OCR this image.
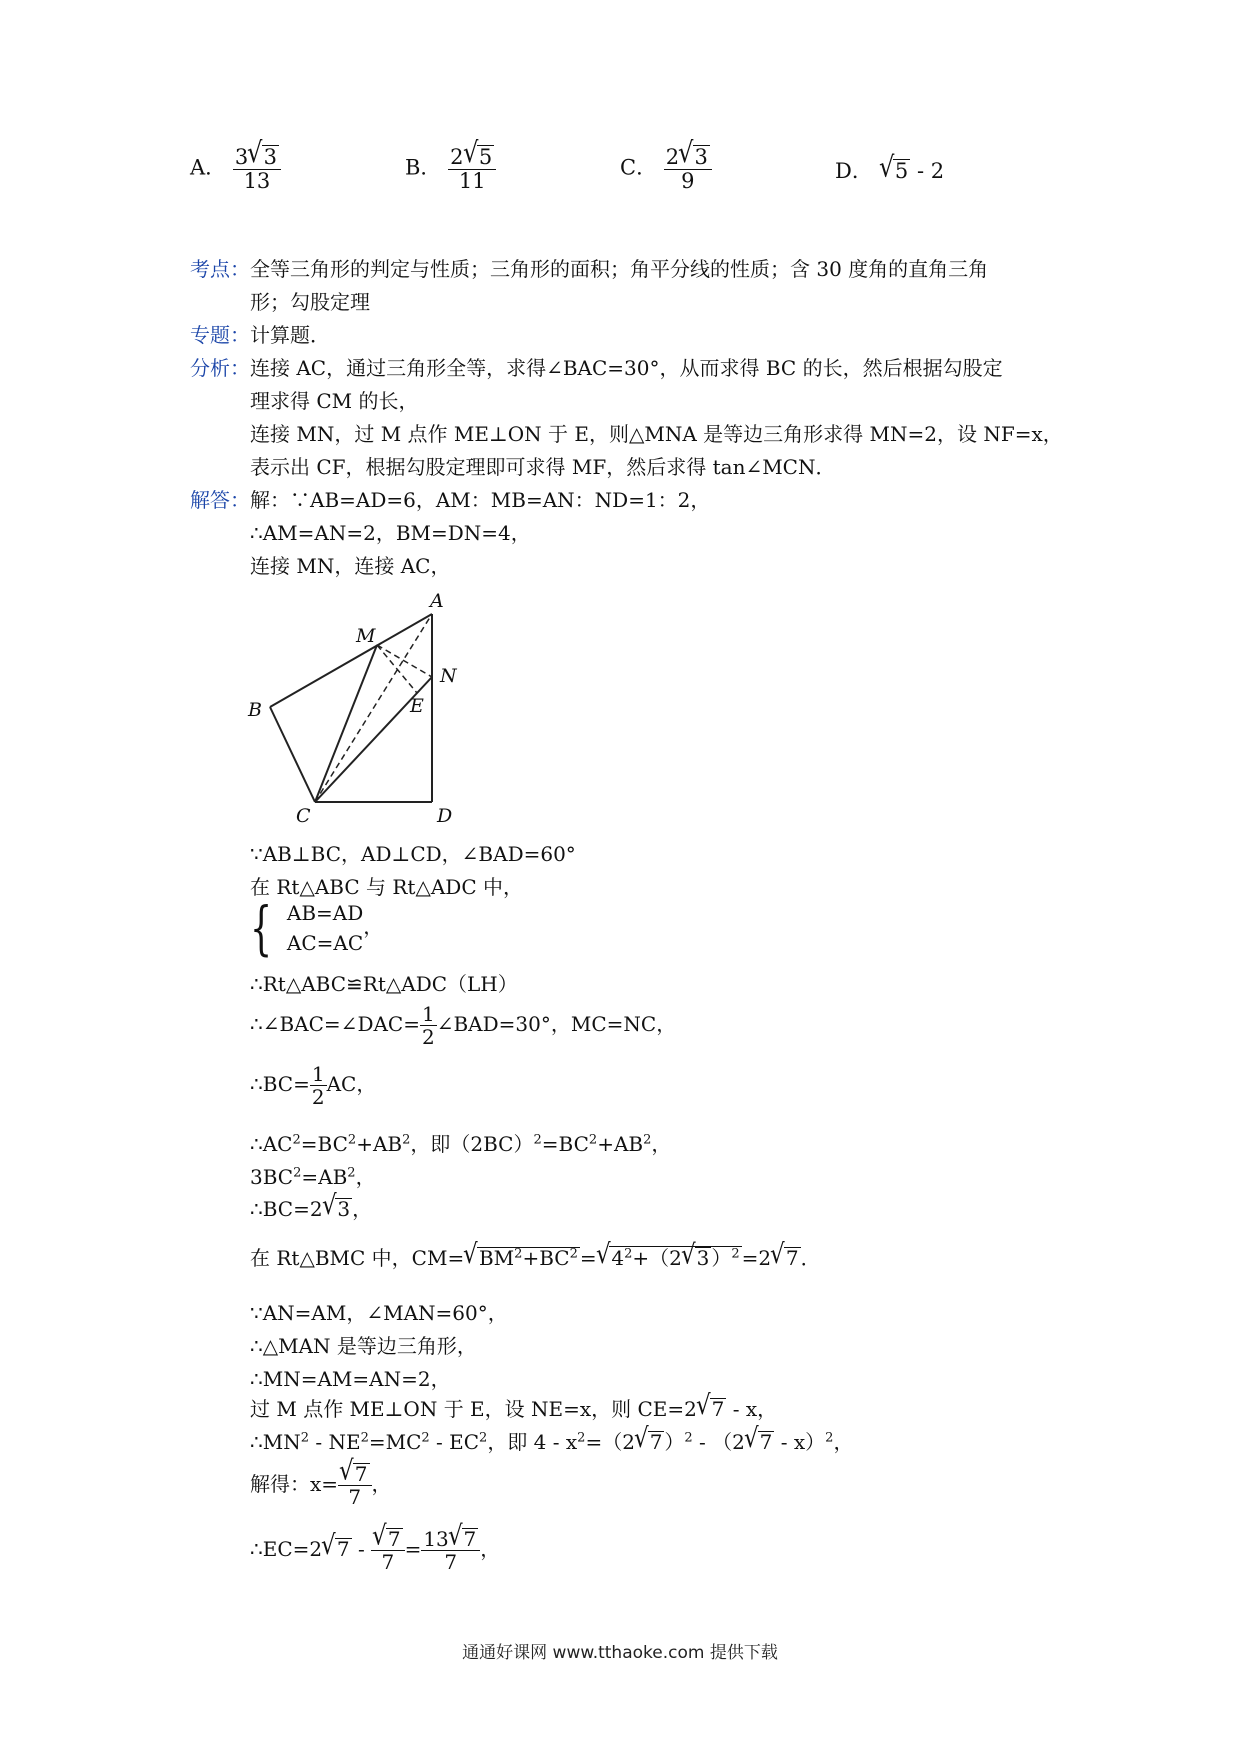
A． $\frac{3√3}{13}$	B． $\frac{2√5}{11}$	C． $\frac{2√3}{9}$	D． √5 - 2
考点：全等三角形的判定与性质；三角形的面积；角平分线的性质；含 30 度角的直角三角
形；勾股定理
专题：计算题．
分析：连接 AC，通过三角形全等，求得∠BAC=30°，从而求得 BC 的长，然后根据勾股定
理求得 CM 的长，
连接 MN，过 M 点作 ME⊥ON 于 E，则△MNA 是等边三角形求得 MN=2，设 NF=x，
表示出 CF，根据勾股定理即可求得 MF，然后求得 tan∠MCN．
解答：解：∵AB=AD=6，AM：MB=AN：ND=1：2，
∴AM=AN=2，BM=DN=4，
连接 MN，连接 AC，
A
M
N
B	E
C	D
∵AB⊥BC，AD⊥CD，∠BAD=60°
在 Rt△ABC 与 Rt△ADC 中，
{ AB=AD
AC=AC
，
∴Rt△ABC≌Rt△ADC（LH）
∴∠BAC=∠DAC= $\frac{1}{2}$ ∠BAD=30°，MC=NC，
∴BC= $\frac{1}{2}$ AC，
$\therefore AC^2=BC^2+AB^2$，即$(2BC)^2=BC^2+AB^2$，
$3BC^2=AB^2$，
∴BC=2√3 ，
在 Rt△BMC 中，$CM=√BM^2+BC^2 =√4^2+(2√3$ ）$^2$ =2√7 ．
∵AN=AM，∠MAN=60°，
∴△MAN 是等边三角形，
∴MN=AM=AN=2，
过 M 点作 ME⊥ON 于 E，设 NE=x，则 CE=2√7 - x，
$\therefore MN^2 - NE^2=MC^2 - EC^2$，即 $4 - x^2=(2√7$ ）$^2$ - （2√7 - x）$^2$，
解得：$x= \frac{√7}{7}$ ，
∴EC=2√7 - $\frac{√7}{7} = \frac{13√7}{7}$ ，
通通好课网 www.tthaoke.com 提供下载
